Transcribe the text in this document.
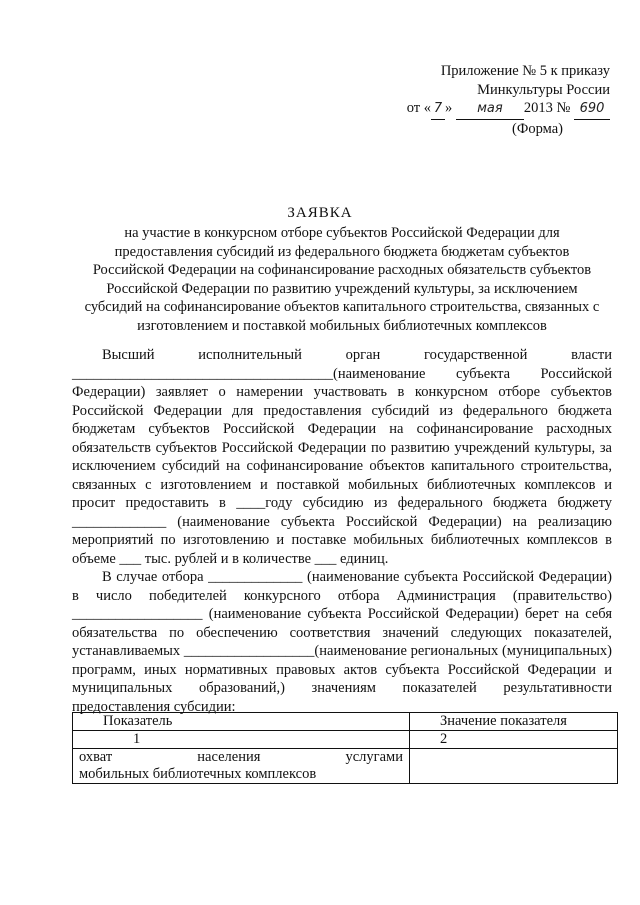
Приложение № 5 к приказу
Минкультуры России
от « 7 » мая 2013 № 690
(Форма)
ЗАЯВКА
на участие в конкурсном отборе субъектов Российской Федерации для
предоставления субсидий из федерального бюджета бюджетам субъектов
Российской Федерации на софинансирование расходных обязательств субъектов
Российской Федерации по развитию учреждений культуры, за исключением
субсидий на софинансирование объектов капитального строительства, связанных с
изготовлением и поставкой мобильных библиотечных комплексов

Высший исполнительный орган государственной власти ____________________________________(наименование субъекта Российской Федерации) заявляет о намерении участвовать в конкурсном отборе субъектов Российской Федерации для предоставления субсидий из федерального бюджета бюджетам субъектов Российской Федерации на софинансирование расходных обязательств субъектов Российской Федерации по развитию учреждений культуры, за исключением субсидий на софинансирование объектов капитального строительства, связанных с изготовлением и поставкой мобильных библиотечных комплексов и просит предоставить в ____году субсидию из федерального бюджета бюджету _____________ (наименование субъекта Российской Федерации) на реализацию мероприятий по изготовлению и поставке мобильных библиотечных комплексов в объеме ___ тыс. рублей и в количестве ___ единиц.

В случае отбора _____________ (наименование субъекта Российской Федерации) в число победителей конкурсного отбора Администрация (правительство) __________________ (наименование субъекта Российской Федерации) берет на себя обязательства по обеспечению соответствия значений следующих показателей, устанавливаемых __________________(наименование региональных (муниципальных) программ, иных нормативных правовых актов субъекта Российской Федерации и муниципальных образований,) значениям показателей результативности предоставления субсидии:

Показатель	Значение показателя
1	2

охват населения услугами
мобильных библиотечных комплексов	
